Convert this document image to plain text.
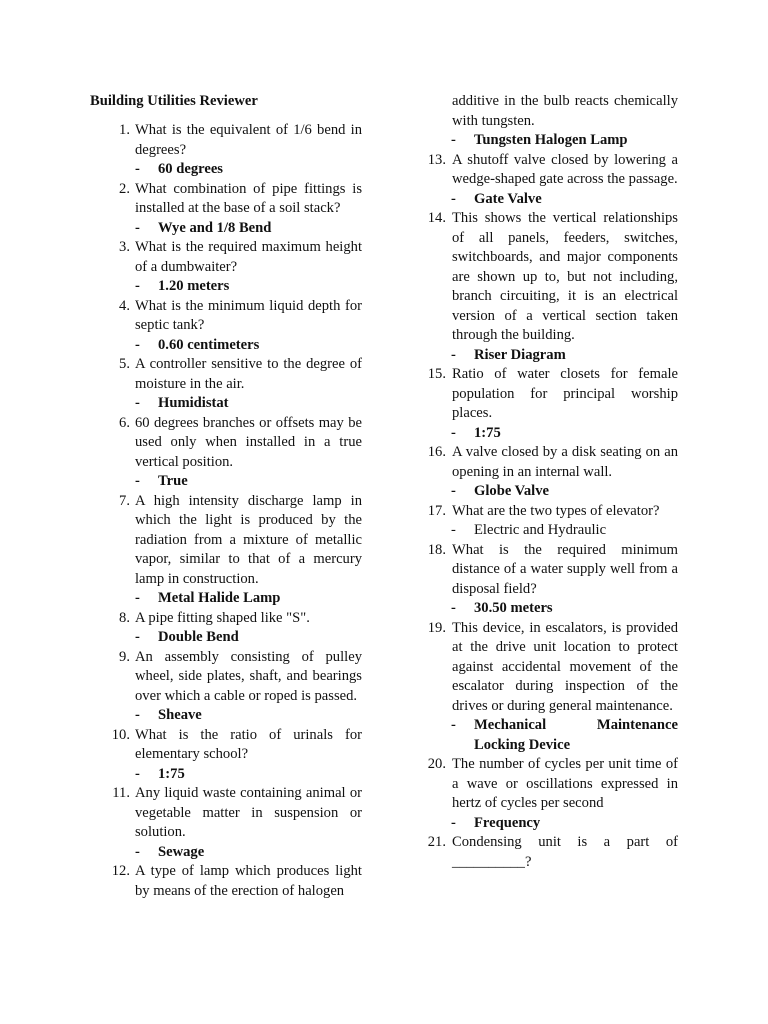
Building Utilities Reviewer
1. What is the equivalent of 1/6 bend in degrees?
- 60 degrees
2. What combination of pipe fittings is installed at the base of a soil stack?
- Wye and 1/8 Bend
3. What is the required maximum height of a dumbwaiter?
- 1.20 meters
4. What is the minimum liquid depth for septic tank?
- 0.60 centimeters
5. A controller sensitive to the degree of moisture in the air.
- Humidistat
6. 60 degrees branches or offsets may be used only when installed in a true vertical position.
- True
7. A high intensity discharge lamp in which the light is produced by the radiation from a mixture of metallic vapor, similar to that of a mercury lamp in construction.
- Metal Halide Lamp
8. A pipe fitting shaped like "S".
- Double Bend
9. An assembly consisting of pulley wheel, side plates, shaft, and bearings over which a cable or roped is passed.
- Sheave
10. What is the ratio of urinals for elementary school?
- 1:75
11. Any liquid waste containing animal or vegetable matter in suspension or solution.
- Sewage
12. A type of lamp which produces light by means of the erection of halogen
additive in the bulb reacts chemically with tungsten.
- Tungsten Halogen Lamp
13. A shutoff valve closed by lowering a wedge-shaped gate across the passage.
- Gate Valve
14. This shows the vertical relationships of all panels, feeders, switches, switchboards, and major components are shown up to, but not including, branch circuiting, it is an electrical version of a vertical section taken through the building.
- Riser Diagram
15. Ratio of water closets for female population for principal worship places.
- 1:75
16. A valve closed by a disk seating on an opening in an internal wall.
- Globe Valve
17. What are the two types of elevator?
- Electric and Hydraulic
18. What is the required minimum distance of a water supply well from a disposal field?
- 30.50 meters
19. This device, in escalators, is provided at the drive unit location to protect against accidental movement of the escalator during inspection of the drives or during general maintenance.
- Mechanical Maintenance
Locking Device
20. The number of cycles per unit time of a wave or oscillations expressed in hertz of cycles per second
- Frequency
21. Condensing unit is a part of
__________?
